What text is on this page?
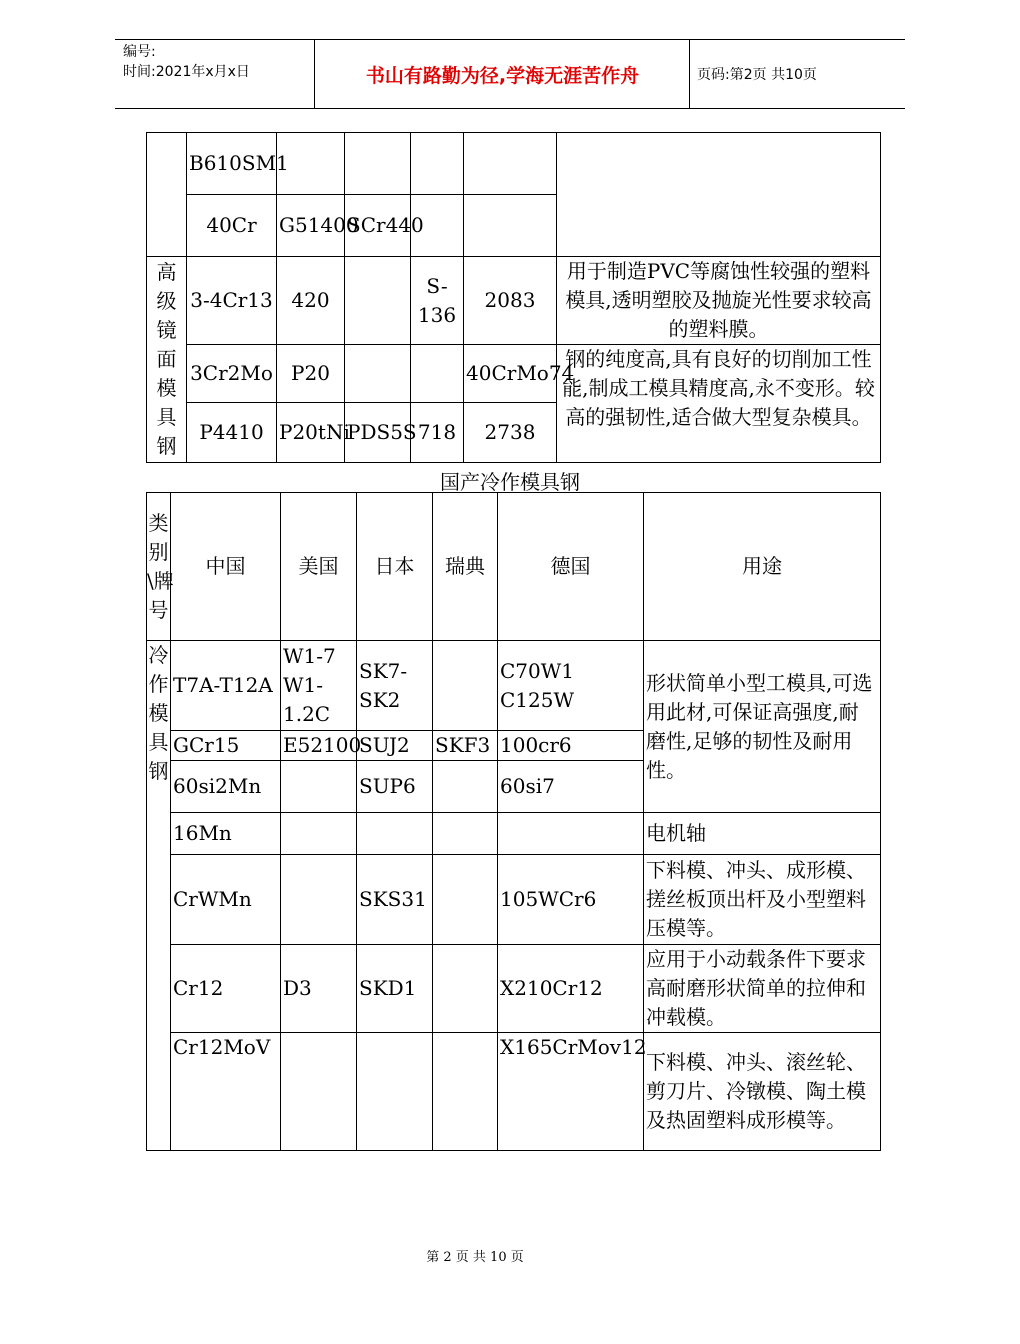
编号:
时间:2021年x月x日	书山有路勤为径,学海无涯苦作舟	页码:第2页 共10页
	B610SM1					
	40Cr	G51400	SCr440			
高级镜面模具钢	3-4Cr13	420		S-136	2083	用于制造PVC等腐蚀性较强的塑料模具,透明塑胶及抛旋光性要求较高的塑料膜。
	3Cr2Mo	P20			40CrMo74	钢的纯度高,具有良好的切削加工性能,制成工模具精度高,永不变形。较高的强韧性,适合做大型复杂模具。
	P4410	P20tNi	PDS5S	718	2738	
国产冷作模具钢
类别\牌号	中国	美国	日本	瑞典	德国	用途
冷作模具钢	T7A-T12A	W1-7 W1-1.2C	SK7-SK2		C70W1 C125W	形状简单小型工模具,可选用此材,可保证高强度,耐磨性,足够的韧性及耐用性。
	GCr15	E52100	SUJ2	SKF3	100cr6	
	60si2Mn		SUP6		60si7	
	16Mn					电机轴
	CrWMn		SKS31		105WCr6	下料模、冲头、成形模、搓丝板顶出杆及小型塑料压模等。
	Cr12	D3	SKD1		X210Cr12	应用于小动载条件下要求高耐磨形状简单的拉伸和冲载模。
	Cr12MoV				X165CrMov12	下料模、冲头、滚丝轮、剪刀片、冷镦模、陶土模及热固塑料成形模等。
第 2 页 共 10 页
